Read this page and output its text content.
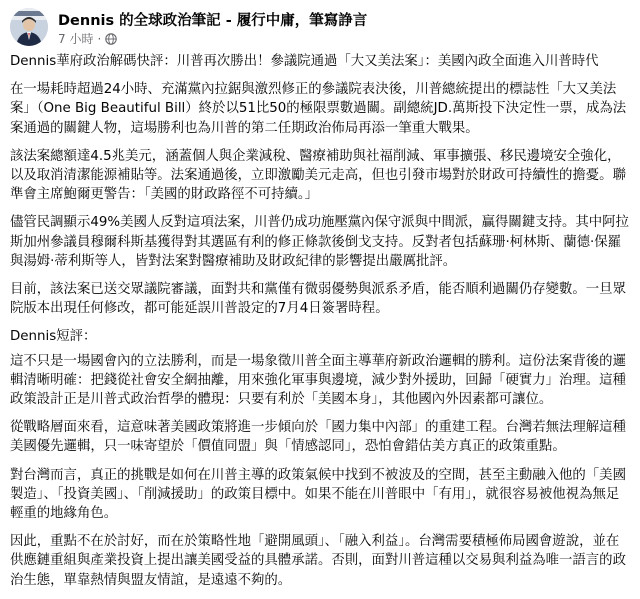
Dennis 的全球政治筆記 - 履行中庸，筆寫諍言
7 小時 ·

Dennis華府政治解碼快評：川普再次勝出！參議院通過「大又美法案」：美國內政全面進入川普時代

在一場耗時超過24小時、充滿黨內拉鋸與激烈修正的參議院表決後，川普總統提出的標誌性「大又美法案」（One Big Beautiful Bill）終於以51比50的極限票數過關。副總統JD.萬斯投下決定性一票，成為法案通過的關鍵人物，這場勝利也為川普的第二任期政治佈局再添一筆重大戰果。

該法案總額達4.5兆美元，涵蓋個人與企業減稅、醫療補助與社福削減、軍事擴張、移民邊境安全強化，以及取消清潔能源補貼等。法案通過後，立即激勵美元走高，但也引發市場對於財政可持續性的擔憂。聯準會主席鮑爾更警告：「美國的財政路徑不可持續。」

儘管民調顯示49%美國人反對這項法案，川普仍成功施壓黨內保守派與中間派，贏得關鍵支持。其中阿拉斯加州參議員穆爾科斯基獲得對其選區有利的修正條款後倒戈支持。反對者包括蘇珊·柯林斯、蘭德·保羅與湯姆·蒂利斯等人，皆對法案對醫療補助及財政紀律的影響提出嚴厲批評。

目前，該法案已送交眾議院審議，面對共和黨僅有微弱優勢與派系矛盾，能否順利過關仍存變數。一旦眾院版本出現任何修改，都可能延誤川普設定的7月4日簽署時程。

Dennis短評：

這不只是一場國會內的立法勝利，而是一場象徵川普全面主導華府新政治邏輯的勝利。這份法案背後的邏輯清晰明確：把錢從社會安全網抽離，用來強化軍事與邊境，減少對外援助，回歸「硬實力」治理。這種政策設計正是川普式政治哲學的體現：只要有利於「美國本身」，其他國內外因素都可讓位。

從戰略層面來看，這意味著美國政策將進一步傾向於「國力集中內部」的重建工程。台灣若無法理解這種美國優先邏輯，只一味寄望於「價值同盟」與「情感認同」，恐怕會錯估美方真正的政策重點。

對台灣而言，真正的挑戰是如何在川普主導的政策氣候中找到不被波及的空間，甚至主動融入他的「美國製造」、「投資美國」、「削減援助」的政策目標中。如果不能在川普眼中「有用」，就很容易被他視為無足輕重的地緣角色。

因此，重點不在於討好，而在於策略性地「避開風頭」、「融入利益」。台灣需要積極佈局國會遊說，並在供應鏈重組與產業投資上提出讓美國受益的具體承諾。否則，面對川普這種以交易與利益為唯一語言的政治生態，單靠熱情與盟友情誼，是遠遠不夠的。
